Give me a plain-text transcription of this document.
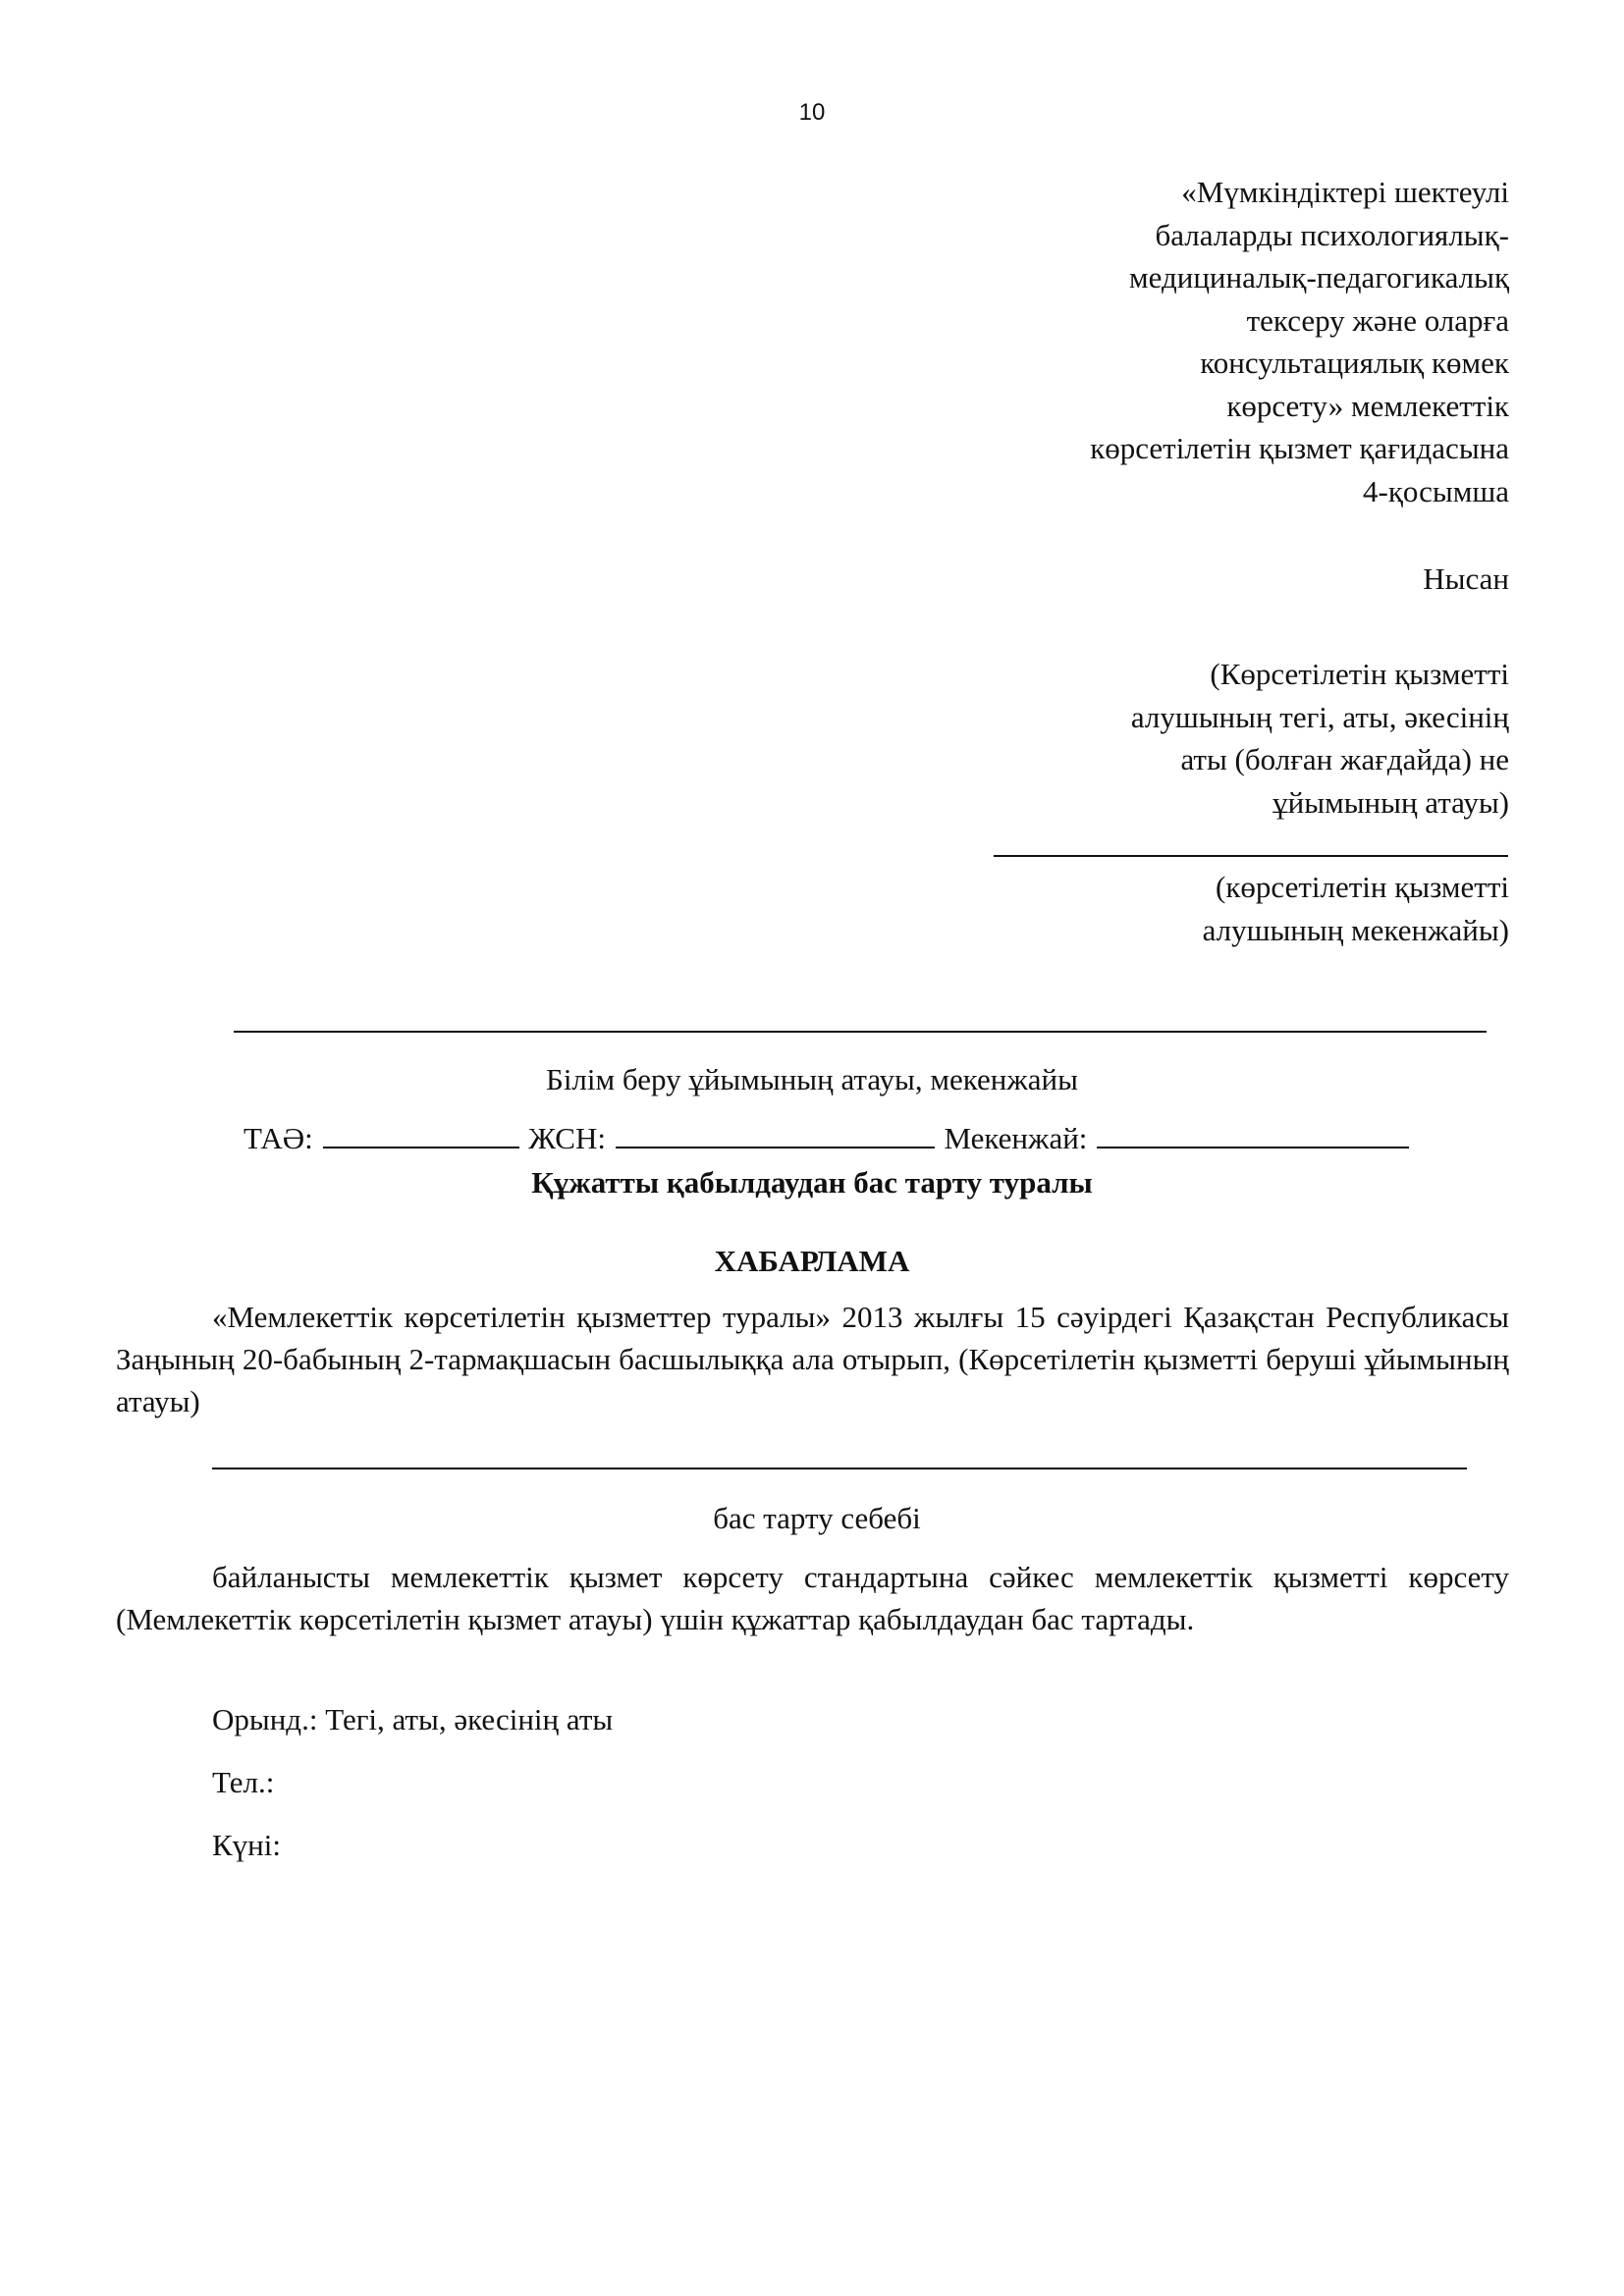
10
«Мүмкіндіктері шектеулі
балаларды психологиялық-
медициналық-педагогикалық
тексеру және оларға
консультациялық көмек
көрсету» мемлекеттік
көрсетілетін қызмет қағидасына
4-қосымша
Нысан
(Көрсетілетін қызметті
алушының тегі, аты, әкесінің
аты (болған жағдайда) не
ұйымының атауы)
(көрсетілетін қызметті
алушының мекенжайы)
Білім беру ұйымының атауы, мекенжайы
ТАӘ:	ЖСН:	Мекенжай:
Құжатты қабылдаудан бас тарту туралы
ХАБАРЛАМА
«Мемлекеттік көрсетілетін қызметтер туралы» 2013 жылғы 15 сәуірдегі Қазақстан Республикасы Заңының 20-бабының 2-тармақшасын басшылыққа ала отырып, (Көрсетілетін қызметті беруші ұйымының атауы)
бас тарту себебі
байланысты мемлекеттік қызмет көрсету стандартына сәйкес мемлекеттік қызметті көрсету (Мемлекеттік көрсетілетін қызмет атауы) үшін құжаттар қабылдаудан бас тартады.
Орынд.: Тегі, аты, әкесінің аты
Тел.:
Күні:
